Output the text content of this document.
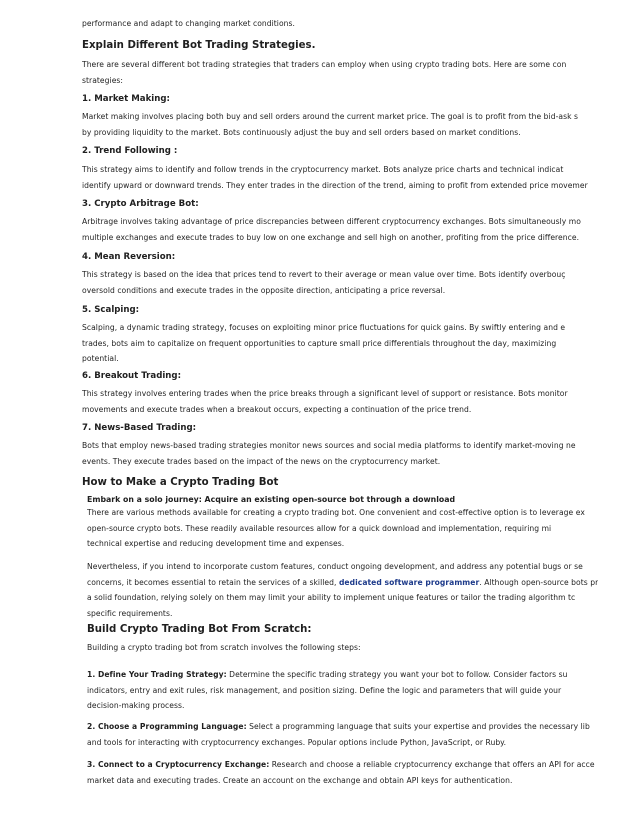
performance and adapt to changing market conditions.
Explain Different Bot Trading Strategies.
There are several different bot trading strategies that traders can employ when using crypto trading bots. Here are some con
strategies:
1. Market Making:
Market making involves placing both buy and sell orders around the current market price. The goal is to profit from the bid-ask s
by providing liquidity to the market. Bots continuously adjust the buy and sell orders based on market conditions.
2. Trend Following :
This strategy aims to identify and follow trends in the cryptocurrency market. Bots analyze price charts and technical indicat
identify upward or downward trends. They enter trades in the direction of the trend, aiming to profit from extended price movemer
3. Crypto Arbitrage Bot:
Arbitrage involves taking advantage of price discrepancies between different cryptocurrency exchanges. Bots simultaneously mo
multiple exchanges and execute trades to buy low on one exchange and sell high on another, profiting from the price difference.
4. Mean Reversion:
This strategy is based on the idea that prices tend to revert to their average or mean value over time. Bots identify overbouç
oversold conditions and execute trades in the opposite direction, anticipating a price reversal.
5. Scalping:
Scalping, a dynamic trading strategy, focuses on exploiting minor price fluctuations for quick gains. By swiftly entering and e
trades, bots aim to capitalize on frequent opportunities to capture small price differentials throughout the day, maximizing
potential.
6. Breakout Trading:
This strategy involves entering trades when the price breaks through a significant level of support or resistance. Bots monitor
movements and execute trades when a breakout occurs, expecting a continuation of the price trend.
7. News-Based Trading:
Bots that employ news-based trading strategies monitor news sources and social media platforms to identify market-moving ne
events. They execute trades based on the impact of the news on the cryptocurrency market.
How to Make a Crypto Trading Bot
Embark on a solo journey: Acquire an existing open-source bot through a download
There are various methods available for creating a crypto trading bot. One convenient and cost-effective option is to leverage ex
open-source crypto bots. These readily available resources allow for a quick download and implementation, requiring mi
technical expertise and reducing development time and expenses.
Nevertheless, if you intend to incorporate custom features, conduct ongoing development, and address any potential bugs or se
concerns, it becomes essential to retain the services of a skilled, dedicated software programmer. Although open-source bots pr
a solid foundation, relying solely on them may limit your ability to implement unique features or tailor the trading algorithm tc
specific requirements.
Build Crypto Trading Bot From Scratch:
Building a crypto trading bot from scratch involves the following steps:
1. Define Your Trading Strategy: Determine the specific trading strategy you want your bot to follow. Consider factors su
indicators, entry and exit rules, risk management, and position sizing. Define the logic and parameters that will guide your
decision-making process.
2. Choose a Programming Language: Select a programming language that suits your expertise and provides the necessary lib
and tools for interacting with cryptocurrency exchanges. Popular options include Python, JavaScript, or Ruby.
3. Connect to a Cryptocurrency Exchange: Research and choose a reliable cryptocurrency exchange that offers an API for acce
market data and executing trades. Create an account on the exchange and obtain API keys for authentication.
